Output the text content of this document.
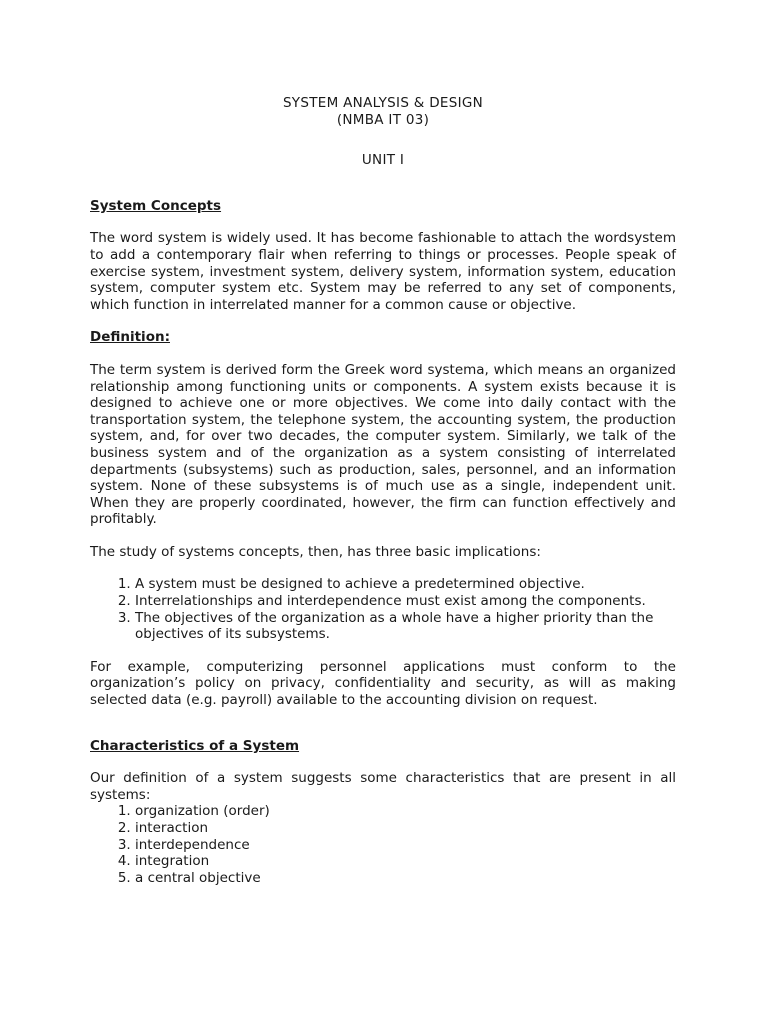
SYSTEM ANALYSIS & DESIGN

(NMBA IT 03)

UNIT I

System Concepts

The word system is widely used. It has become fashionable to attach the wordsystem to add a contemporary flair when referring to things or processes. People speak of exercise system, investment system, delivery system, information system, education system, computer system etc. System may be referred to any set of components, which function in interrelated manner for a common cause or objective.

Definition:

The term system is derived form the Greek word systema, which means an organized relationship among functioning units or components. A system exists because it is designed to achieve one or more objectives. We come into daily contact with the transportation system, the telephone system, the accounting system, the production system, and, for over two decades, the computer system. Similarly, we talk of the business system and of the organization as a system consisting of interrelated departments (subsystems) such as production, sales, personnel, and an information system. None of these subsystems is of much use as a single, independent unit. When they are properly coordinated, however, the firm can function effectively and profitably.

The study of systems concepts, then, has three basic implications:

1. A system must be designed to achieve a predetermined objective.
2. Interrelationships and interdependence must exist among the components.
3. The objectives of the organization as a whole have a higher priority than the objectives of its subsystems.

For example, computerizing personnel applications must conform to the organization’s policy on privacy, confidentiality and security, as will as making selected data (e.g. payroll) available to the accounting division on request.

Characteristics of a System

Our definition of a system suggests some characteristics that are present in all systems:

1. organization (order)
2. interaction
3. interdependence
4. integration
5. a central objective
